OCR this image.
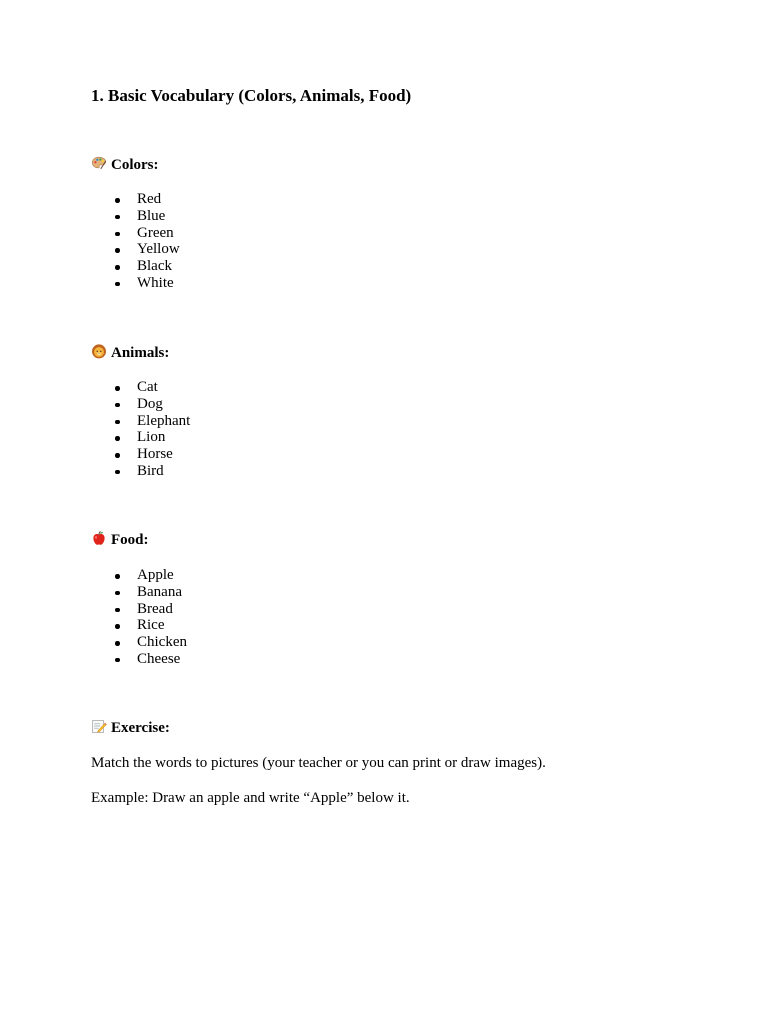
1. Basic Vocabulary (Colors, Animals, Food)
Colors:
Red
Blue
Green
Yellow
Black
White
Animals:
Cat
Dog
Elephant
Lion
Horse
Bird
Food:
Apple
Banana
Bread
Rice
Chicken
Cheese
Exercise:

Match the words to pictures (your teacher or you can print or draw images).

Example: Draw an apple and write “Apple” below it.
